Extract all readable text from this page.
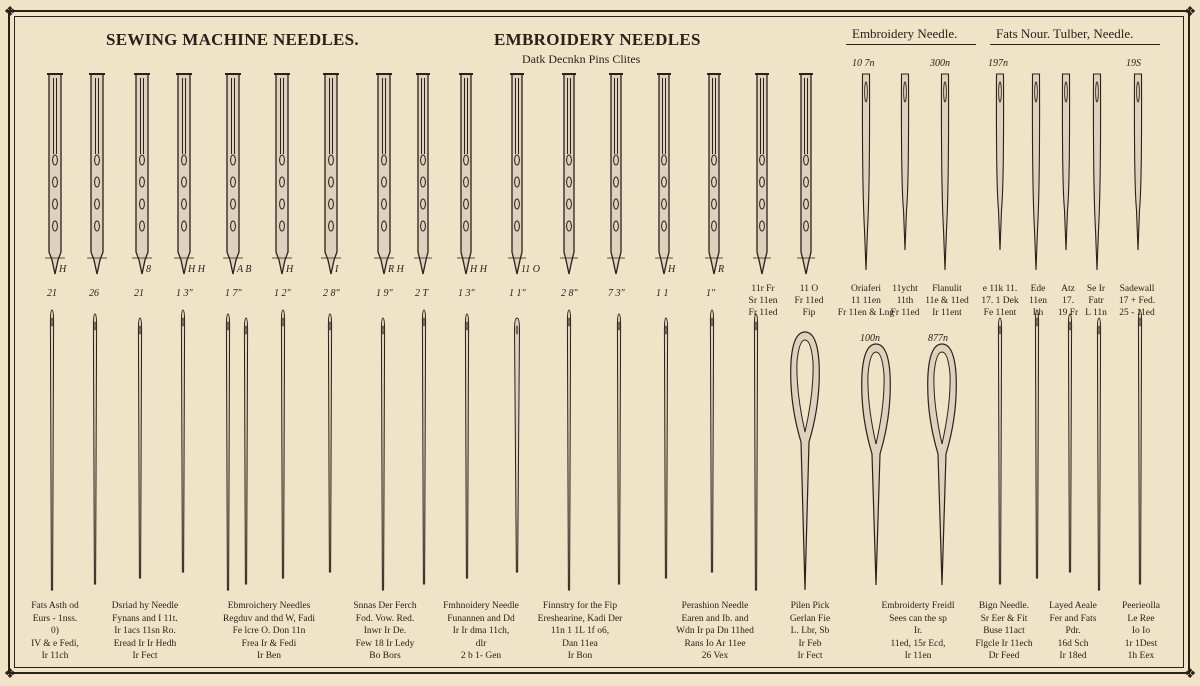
❖	❖
❖	❖
SEWING MACHINE NEEDLES.	EMBROIDERY NEEDLES
Datk Decnkn Pins Clites
Embroidery Needle.	Fats Nour. Tulber, Needle.
10 7n	300n	197n	19S
100n	877n
H
21	26
8
21
H H
1 3"
A B
1 7"
H
1 2"
I
2 8"
R H
1 9" 2 T
H H
1 3"
11 O
1 1"	2 8"	7 3"
H
1 1
R
1"	11r Fr
Sr 11en
Fr 11ed
11 O
Fr 11ed
Fip
Oriaferi
11 11en
Fr 11en & Lng
11ycht
11th
Fr 11ed
Flanulit
11e & 11ed
Ir 11ent
e 11k 11.
17. 1 Dek
Fe 11ent
Ede
11en
Lh
Atz
17.
19 Fr
Se Ir
Fatr
L 11n
Sadewall
17 + Fed.
25 - 11ed
Fats Asth od
Eurs - 1nss.
0)
IV & e Fedi,
Ir 11ch
Dsriad hy Needle
Fynans and I 11t.
Ir 1acs 11sn Ro.
Eread Ir Ir Hedh
Ir Fect
Ebmroichery Needles
Regduv and thd W, Fadi
Fe lcre O. Don 11n
Frea Ir & Fedi
Ir Ben
Snnas Der Ferch
Fod. Vow. Red.
Inwr Ir De.
Few 18 Ir Ledy
Bo Bors
Fmhnoidery Needle
Funannen and Dd
Ir Ir dma 11ch,
dlr
2 b 1- Gen
Finnstry for the Fip
Ereshearine, Kadi Der
11n 1 1L 1f o6,
Dan 11ea
Ir Bon
Perashion Needle
Earen and Ib. and
Wdn Ir pa Dn 11hed
Rans Io Ar 11ee
26 Vex
Pilen Pick
Gerlan Fie
L. Lbr, Sb
Ir Feb
Ir Fect
Embroiderty Freidl
Sees can the sp
Ir.
11ed, 15r Ecd,
Ir 11en
Bign Needle.
Sr Eer & Fit
Buse 11act
Flgcle Ir 11ech
Dr Feed
Layed Aeale
Fer and Fats
Pdr.
16d Sch
Ir 18ed
Peerieolla
Le Ree
Io Io
1r 1Dest
1h Eex
